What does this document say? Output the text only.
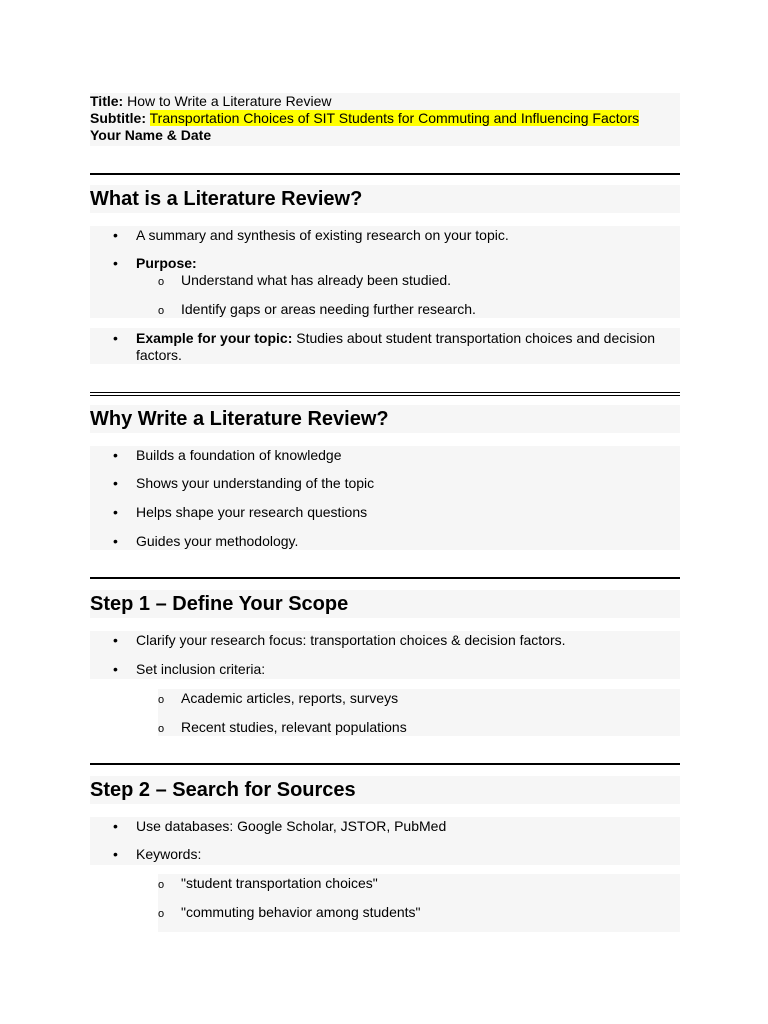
Title: How to Write a Literature Review
Subtitle: Transportation Choices of SIT Students for Commuting and Influencing Factors
Your Name & Date
What is a Literature Review?
• A summary and synthesis of existing research on your topic.
• Purpose:
o Understand what has already been studied.
o Identify gaps or areas needing further research.
• Example for your topic: Studies about student transportation choices and decision factors.
Why Write a Literature Review?
• Builds a foundation of knowledge
• Shows your understanding of the topic
• Helps shape your research questions
• Guides your methodology.
Step 1 – Define Your Scope
• Clarify your research focus: transportation choices & decision factors.
• Set inclusion criteria:
o Academic articles, reports, surveys
o Recent studies, relevant populations
Step 2 – Search for Sources
• Use databases: Google Scholar, JSTOR, PubMed
• Keywords:
o "student transportation choices"
o "commuting behavior among students"
